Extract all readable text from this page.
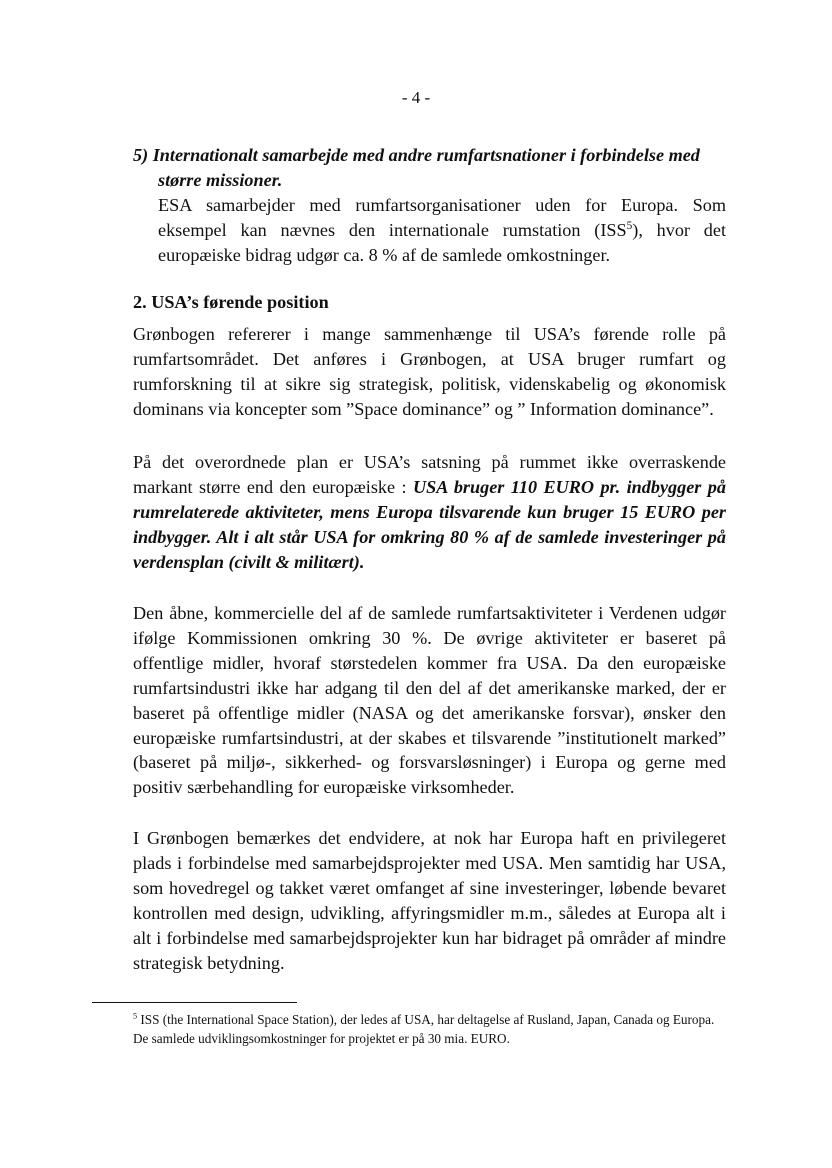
- 4 -

5) Internationalt samarbejde med andre rumfartsnationer i forbindelse med

større missioner.

ESA samarbejder med rumfartsorganisationer uden for Europa. Som eksempel kan nævnes den internationale rumstation (ISS$^5$), hvor det europæiske bidrag udgør ca. 8 % af de samlede omkostninger.

2. USA’s førende position

Grønbogen refererer i mange sammenhænge til USA’s førende rolle på rumfartsområdet. Det anføres i Grønbogen, at USA bruger rumfart og rumforskning til at sikre sig strategisk, politisk, videnskabelig og økonomisk dominans via koncepter som ”Space dominance” og ” Information dominance”.

På det overordnede plan er USA’s satsning på rummet ikke overraskende markant større end den europæiske : USA bruger 110 EURO pr. indbygger på rumrelaterede aktiviteter, mens Europa tilsvarende kun bruger 15 EURO per indbygger. Alt i alt står USA for omkring 80 % af de samlede investeringer på verdensplan (civilt & militært).

Den åbne, kommercielle del af de samlede rumfartsaktiviteter i Verdenen udgør ifølge Kommissionen omkring 30 %. De øvrige aktiviteter er baseret på offentlige midler, hvoraf størstedelen kommer fra USA. Da den europæiske rumfartsindustri ikke har adgang til den del af det amerikanske marked, der er baseret på offentlige midler (NASA og det amerikanske forsvar), ønsker den europæiske rumfartsindustri, at der skabes et tilsvarende ”institutionelt marked” (baseret på miljø-, sikkerhed- og forsvarsløsninger) i Europa og gerne med positiv særbehandling for europæiske virksomheder.

I Grønbogen bemærkes det endvidere, at nok har Europa haft en privilegeret plads i forbindelse med samarbejdsprojekter med USA. Men samtidig har USA, som hovedregel og takket været omfanget af sine investeringer, løbende bevaret kontrollen med design, udvikling, affyringsmidler m.m., således at Europa alt i alt i forbindelse med samarbejdsprojekter kun har bidraget på områder af mindre strategisk betydning.

$^5$ ISS (the International Space Station), der ledes af USA, har deltagelse af Rusland, Japan, Canada og Europa. De samlede udviklingsomkostninger for projektet er på 30 mia. EURO.
